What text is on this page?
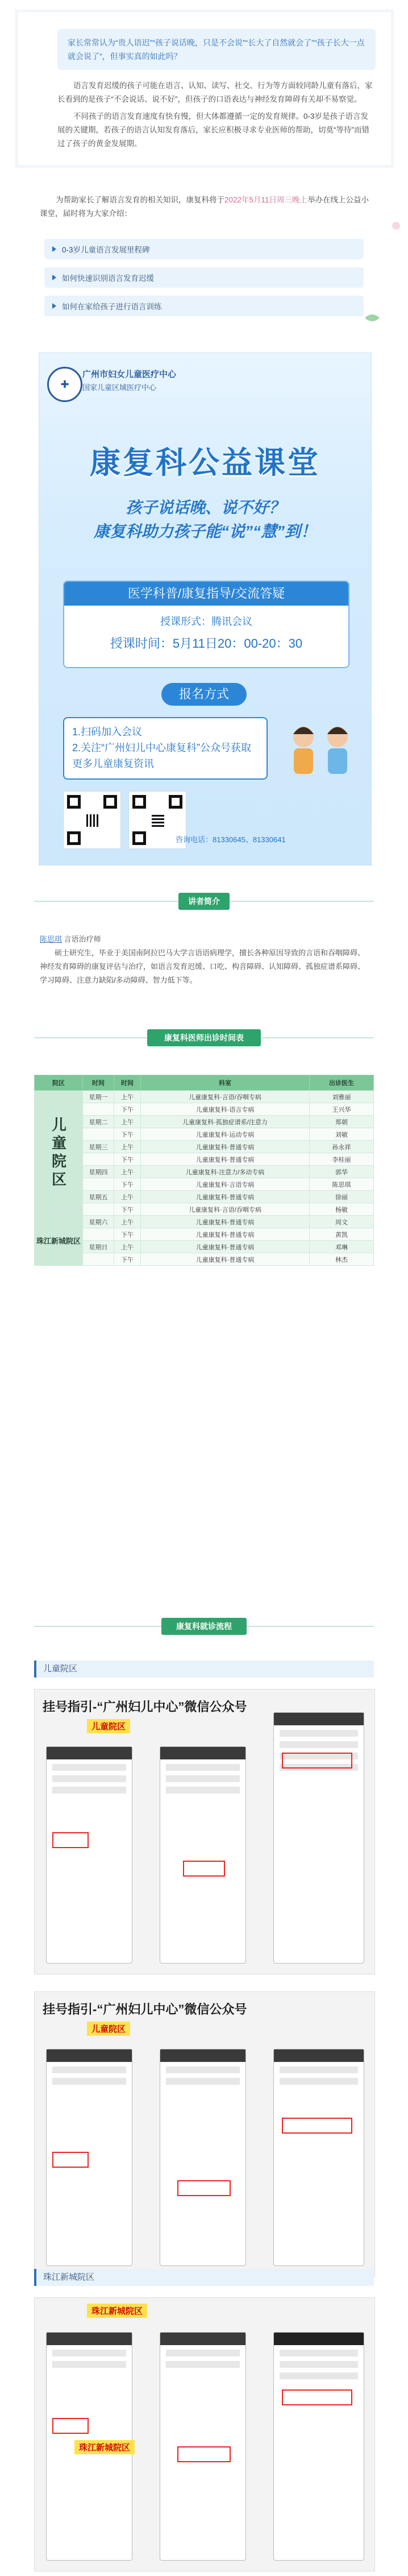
家长常常认为“贵人语迟”“孩子说话晚，只是不会说”“长大了自然就会了”“孩子长大一点就会说了”，但事实真的如此吗？

语言发育迟缓的孩子可能在语言、认知、读写、社交、行为等方面较同龄儿童有落后，家长看到的是孩子“不会说话、说不好”，但孩子的口语表达与神经发育障碍有关却不易察觉。

不同孩子的语言发育速度有快有慢，但大体都遵循一定的发育规律。0-3岁是孩子语言发展的关键期，若孩子的语言认知发育落后，家长应积极寻求专业医师的帮助，切莫“等待”而错过了孩子的黄金发展期。

为帮助家长了解语言发育的相关知识，康复科将于2022年5月11日周三晚上举办在线上公益小课堂，届时将为大家介绍：
0-3岁儿童语言发展里程碑
如何快速识别语言发育迟缓
如何在家给孩子进行语言训练
✚
广州市妇女儿童医疗中心
国家儿童区域医疗中心
康复科公益课堂
孩子说话晚、说不好？
康复科助力孩子能“说”“慧”到！
医学科普/康复指导/交流答疑
授课形式：腾讯会议
授课时间：5月11日20：00-20：30
报名方式
1.扫码加入会议
2.关注“广州妇儿中心康复科”公众号获取更多儿童康复资讯
咨询电话：81330645、81330641
讲者简介
陈思琪 言语治疗师
硕士研究生，毕业于美国南阿拉巴马大学言语语病理学，擅长各种原因导致的言语和吞咽障碍、神经发育障碍的康复评估与治疗，如语言发育迟缓、口吃、构音障碍、认知障碍、孤独症谱系障碍、学习障碍、注意力缺陷/多动障碍、智力低下等。
康复科医师出诊时间表
院区	时间	时间	科室	出诊医生
儿童院区	星期一	上午	儿童康复科·言语/吞咽专病	刘雅丽
		下午	儿童康复科·语言专病	王兴华
	星期二	上午	儿童康复科·孤独症谱系/注意力	郑朝
		下午	儿童康复科·运动专病	刘敏
	星期三	上午	儿童康复科·普通专病	孙永祥
		下午	儿童康复科·普通专病	李桂丽
	星期四	上午	儿童康复科·注意力/多动专病	郭华
		下午	儿童康复科·言语专病	陈思琪
	星期五	上午	儿童康复科·普通专病	徐丽
		下午	儿童康复科·言语/吞咽专病	杨敏
珠江新城院区	星期六	上午	儿童康复科·普通专病	周文
		下午	儿童康复科·普通专病	黄凯
	星期日	上午	儿童康复科·普通专病	邓琳
		下午	儿童康复科·普通专病	林杰
康复科就诊流程
儿童院区
挂号指引-“广州妇儿中心”微信公众号
儿童院区
挂号指引-“广州妇儿中心”微信公众号
儿童院区
珠江新城院区
珠江新城院区
珠江新城院区
